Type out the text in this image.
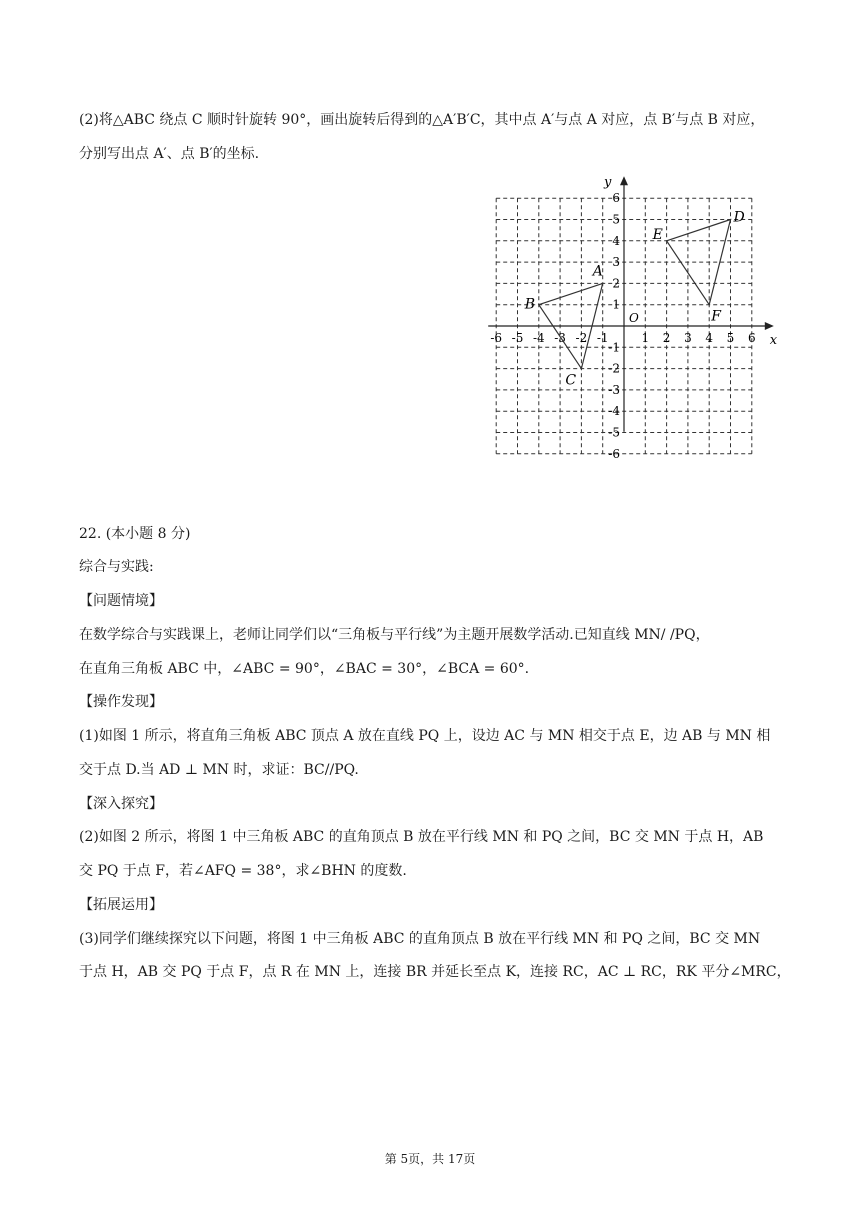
(2)将△ABC 绕点 C 顺时针旋转 90°，画出旋转后得到的△A′B′C，其中点 A′与点 A 对应，点 B′与点 B 对应，
分别写出点 A′、点 B′的坐标.
x
y
O
-6 -5 -4 -3 -2 -1	1 2 3 4 5 6
6
5
4
3
2
1
-1
-2
-3
-4
-5
-6
A
B
C
D
E
F
22. (本小题 8 分)
综合与实践:
【问题情境】
在数学综合与实践课上，老师让同学们以“三角板与平行线”为主题开展数学活动.已知直线 MN/ /PQ，
在直角三角板 ABC 中，∠ABC = 90°，∠BAC = 30°，∠BCA = 60°.
【操作发现】
(1)如图 1 所示，将直角三角板 ABC 顶点 A 放在直线 PQ 上，设边 AC 与 MN 相交于点 E，边 AB 与 MN 相
交于点 D.当 AD ⊥ MN 时，求证：BC//PQ.
【深入探究】
(2)如图 2 所示，将图 1 中三角板 ABC 的直角顶点 B 放在平行线 MN 和 PQ 之间，BC 交 MN 于点 H，AB
交 PQ 于点 F，若∠AFQ = 38°，求∠BHN 的度数.
【拓展运用】
(3)同学们继续探究以下问题，将图 1 中三角板 ABC 的直角顶点 B 放在平行线 MN 和 PQ 之间，BC 交 MN
于点 H，AB 交 PQ 于点 F，点 R 在 MN 上，连接 BR 并延长至点 K，连接 RC，AC ⊥ RC，RK 平分∠MRC，
第 5页，共 17页
